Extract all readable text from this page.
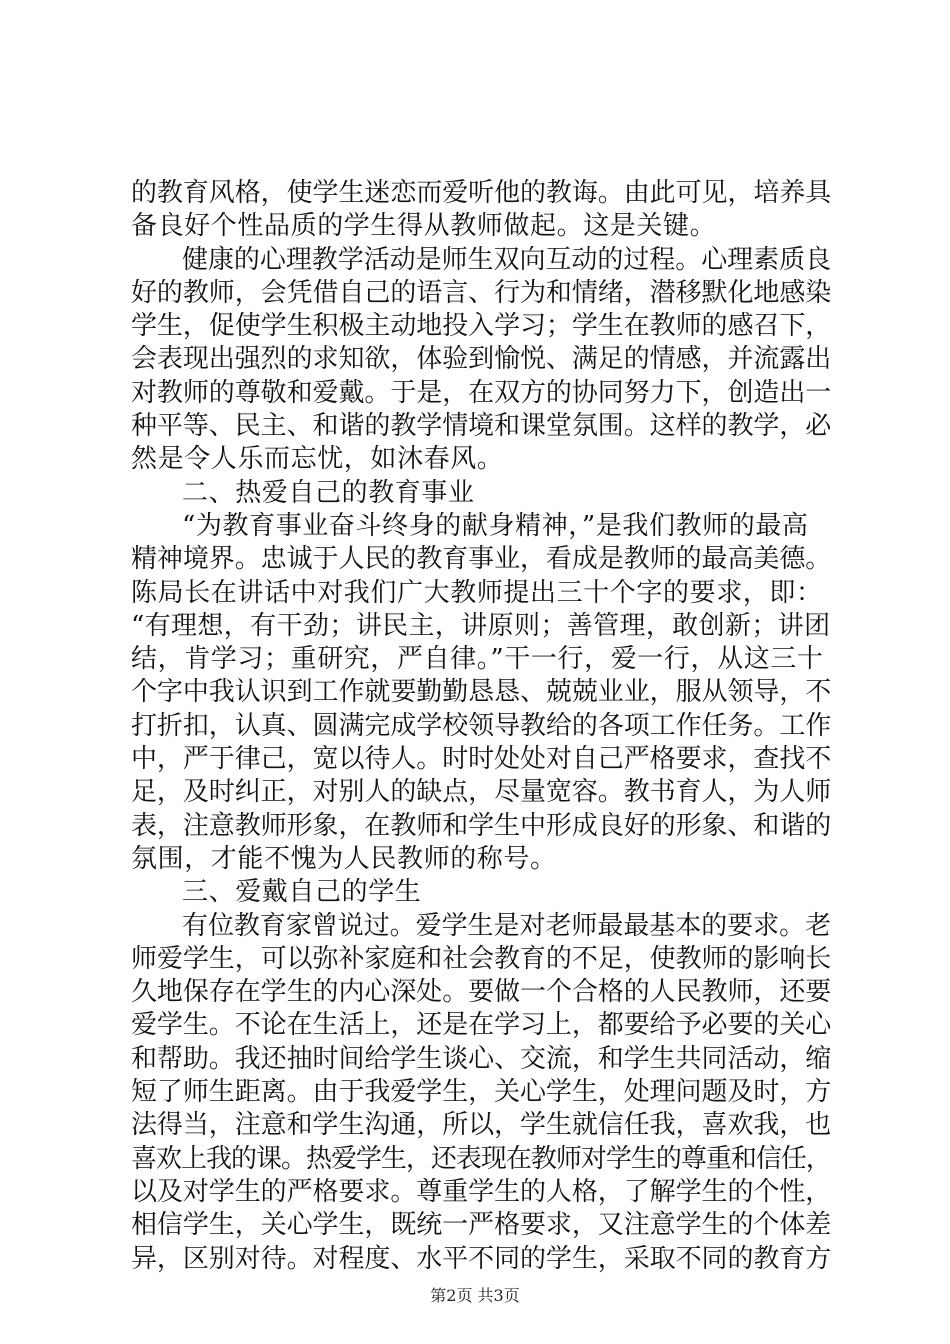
的教育风格，使学生迷恋而爱听他的教诲。由此可见，培养具
备良好个性品质的学生得从教师做起。这是关键。
健康的心理教学活动是师生双向互动的过程。心理素质良
好的教师，会凭借自己的语言、行为和情绪，潜移默化地感染
学生，促使学生积极主动地投入学习；学生在教师的感召下，
会表现出强烈的求知欲，体验到愉悦、满足的情感，并流露出
对教师的尊敬和爱戴。于是，在双方的协同努力下，创造出一
种平等、民主、和谐的教学情境和课堂氛围。这样的教学，必
然是令人乐而忘忧，如沐春风。
二、热爱自己的教育事业
“为教育事业奋斗终身的献身精神，”是我们教师的最高
精神境界。忠诚于人民的教育事业，看成是教师的最高美德。
陈局长在讲话中对我们广大教师提出三十个字的要求，即：
“有理想，有干劲；讲民主，讲原则；善管理，敢创新；讲团
结，肯学习；重研究，严自律。”干一行，爱一行，从这三十
个字中我认识到工作就要勤勤恳恳、兢兢业业，服从领导，不
打折扣，认真、圆满完成学校领导教给的各项工作任务。工作
中，严于律己，宽以待人。时时处处对自己严格要求，查找不
足，及时纠正，对别人的缺点，尽量宽容。教书育人，为人师
表，注意教师形象，在教师和学生中形成良好的形象、和谐的
氛围，才能不愧为人民教师的称号。
三、爱戴自己的学生
有位教育家曾说过。爱学生是对老师最最基本的要求。老
师爱学生，可以弥补家庭和社会教育的不足，使教师的影响长
久地保存在学生的内心深处。要做一个合格的人民教师，还要
爱学生。不论在生活上，还是在学习上，都要给予必要的关心
和帮助。我还抽时间给学生谈心、交流，和学生共同活动，缩
短了师生距离。由于我爱学生，关心学生，处理问题及时，方
法得当，注意和学生沟通，所以，学生就信任我，喜欢我，也
喜欢上我的课。热爱学生，还表现在教师对学生的尊重和信任，
以及对学生的严格要求。尊重学生的人格，了解学生的个性，
相信学生，关心学生，既统一严格要求，又注意学生的个体差
异，区别对待。对程度、水平不同的学生，采取不同的教育方
第2页 共3页
